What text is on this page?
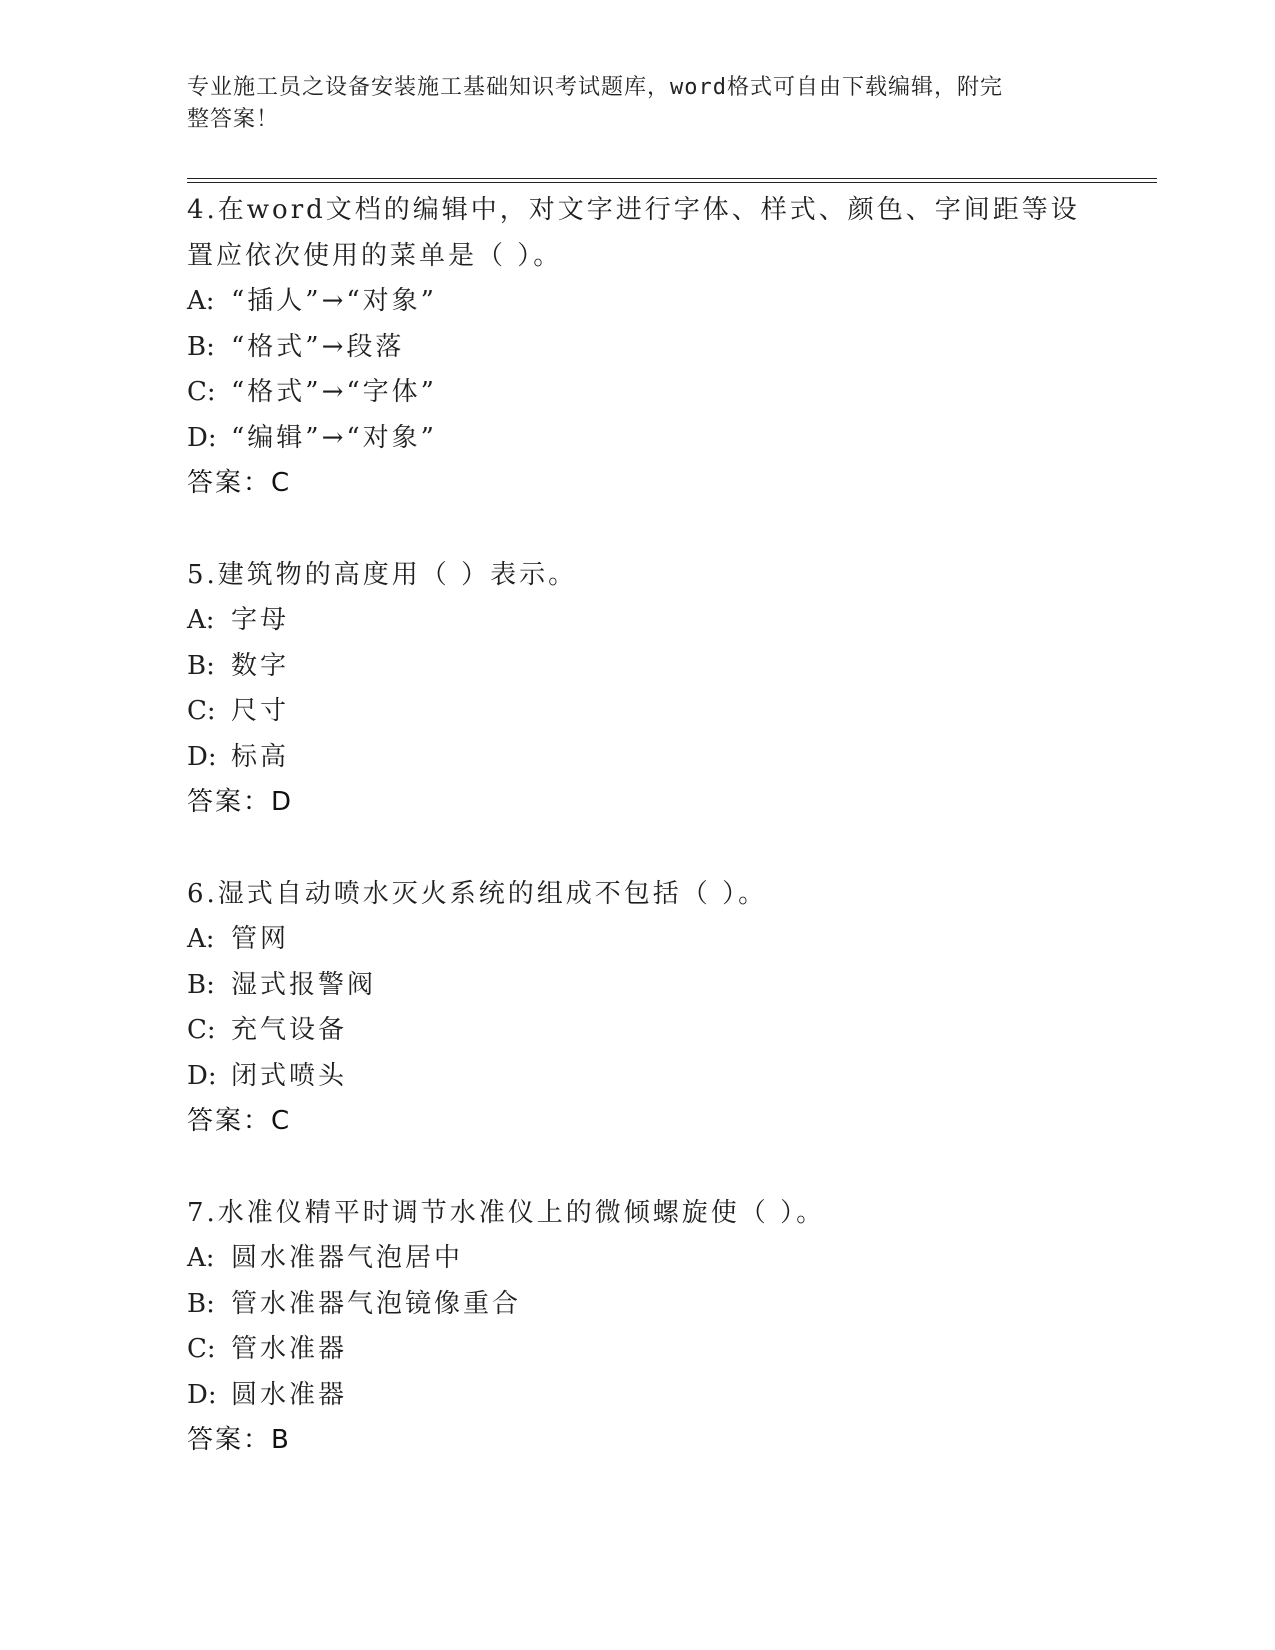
专业施工员之设备安装施工基础知识考试题库，word格式可自由下载编辑，附完
整答案！

4.在word文档的编辑中，对文字进行字体、样式、颜色、字间距等设
置应依次使用的菜单是（ ）。

A: “插人”→“对象”

B: “格式”→段落

C: “格式”→“字体”

D: “编辑”→“对象”

答案：C

5.建筑物的高度用（ ）表示。

A: 字母

B: 数字

C: 尺寸

D: 标高

答案：D

6.湿式自动喷水灭火系统的组成不包括（ ）。

A: 管网

B: 湿式报警阀

C: 充气设备

D: 闭式喷头

答案：C

7.水准仪精平时调节水准仪上的微倾螺旋使（ ）。

A: 圆水准器气泡居中

B: 管水准器气泡镜像重合

C: 管水准器

D: 圆水准器

答案：B
